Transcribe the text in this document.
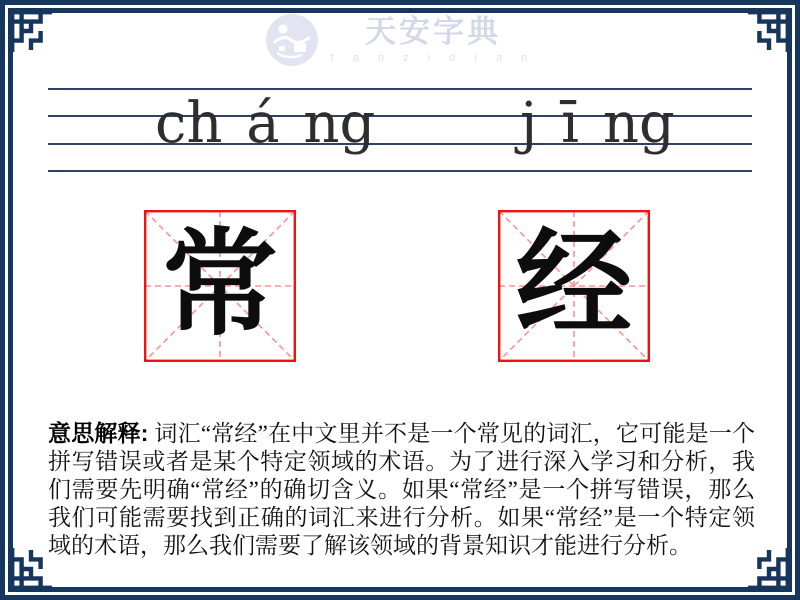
天安字典
t a n z i d i a n
ch á ng	j ī ng
常 经
意思解释: 词汇“常经”在中文里并不是一个常见的词汇，它可能是一个拼写错误或者是某个特定领域的术语。为了进行深入学习和分析，我们需要先明确“常经”的确切含义。如果“常经”是一个拼写错误，那么我们可能需要找到正确的词汇来进行分析。如果“常经”是一个特定领域的术语，那么我们需要了解该领域的背景知识才能进行分析。
